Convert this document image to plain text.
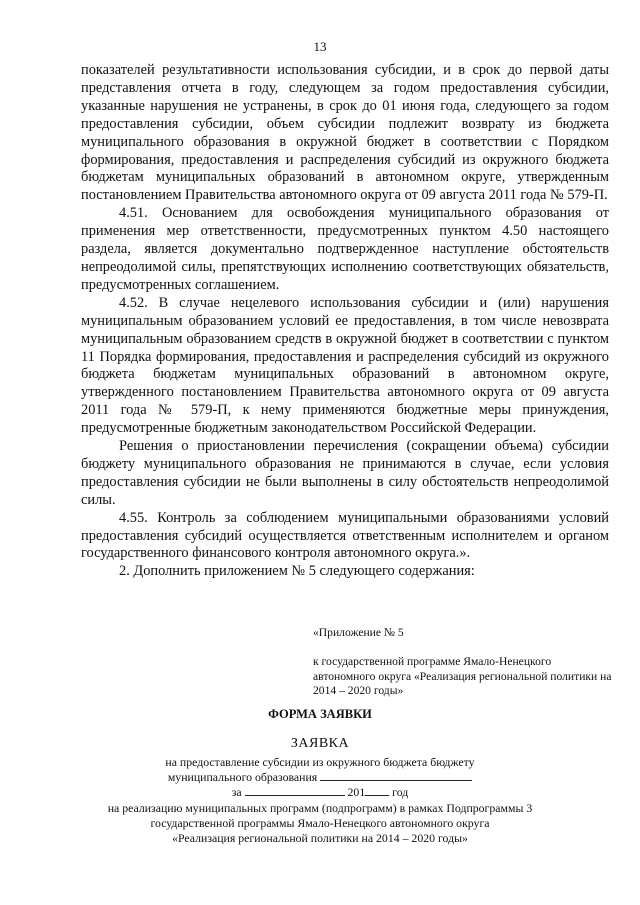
13

показателей результативности использования субсидии, и в срок до первой даты представления отчета в году, следующем за годом предоставления субсидии, указанные нарушения не устранены, в срок до 01 июня года, следующего за годом предоставления субсидии, объем субсидии подлежит возврату из бюджета муниципального образования в окружной бюджет в соответствии с Порядком формирования, предоставления и распределения субсидий из окружного бюджета бюджетам муниципальных образований в автономном округе, утвержденным постановлением Правительства автономного округа от 09 августа 2011 года № 579-П.

4.51. Основанием для освобождения муниципального образования от применения мер ответственности, предусмотренных пунктом 4.50 настоящего раздела, является документально подтвержденное наступление обстоятельств непреодолимой силы, препятствующих исполнению соответствующих обязательств, предусмотренных соглашением.

4.52. В случае нецелевого использования субсидии и (или) нарушения муниципальным образованием условий ее предоставления, в том числе невозврата муниципальным образованием средств в окружной бюджет в соответствии с пунктом 11 Порядка формирования, предоставления и распределения субсидий из окружного бюджета бюджетам муниципальных образований в автономном округе, утвержденного постановлением Правительства автономного округа от 09 августа 2011 года № 579-П, к нему применяются бюджетные меры принуждения, предусмотренные бюджетным законодательством Российской Федерации.

Решения о приостановлении перечисления (сокращении объема) субсидии бюджету муниципального образования не принимаются в случае, если условия предоставления субсидии не были выполнены в силу обстоятельств непреодолимой силы.

4.55. Контроль за соблюдением муниципальными образованиями условий предоставления субсидий осуществляется ответственным исполнителем и органом государственного финансового контроля автономного округа.».

2. Дополнить приложением № 5 следующего содержания:

«Приложение № 5

к государственной программе Ямало-Ненецкого автономного округа «Реализация региональной политики на 2014 – 2020 годы»

ФОРМА ЗАЯВКИ
ЗАЯВКА
на предоставление субсидии из окружного бюджета бюджету
муниципального образования
за	201 год
на реализацию муниципальных программ (подпрограмм) в рамках Подпрограммы 3
государственной программы Ямало-Ненецкого автономного округа
«Реализация региональной политики на 2014 – 2020 годы»
